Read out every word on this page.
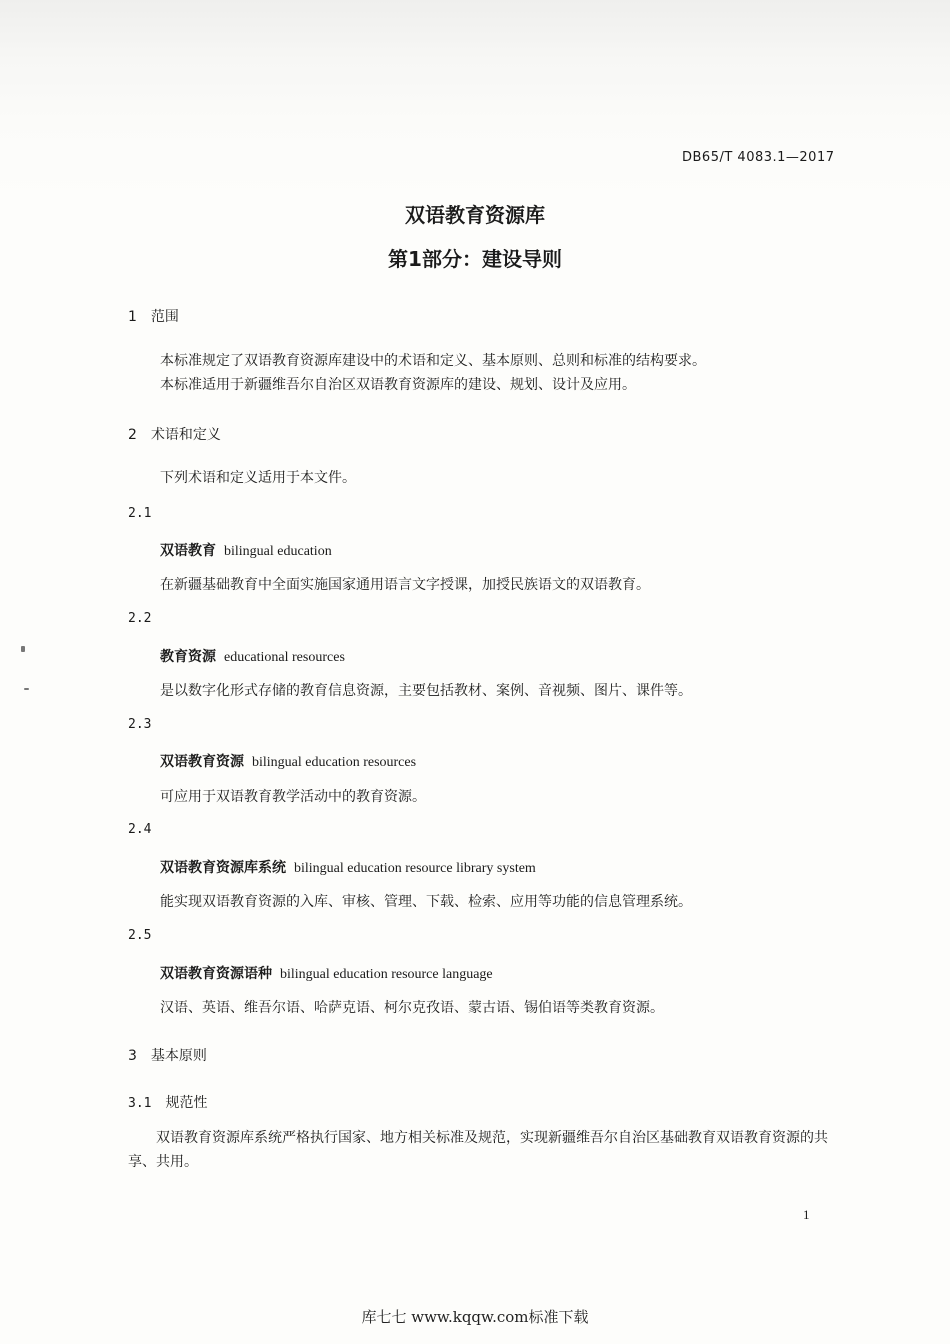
DB65/T 4083.1—2017
双语教育资源库
第1部分：建设导则
1 范围
本标准规定了双语教育资源库建设中的术语和定义、基本原则、总则和标准的结构要求。
本标准适用于新疆维吾尔自治区双语教育资源库的建设、规划、设计及应用。
2 术语和定义
下列术语和定义适用于本文件。
2.1
双语教育 bilingual education
在新疆基础教育中全面实施国家通用语言文字授课，加授民族语文的双语教育。
2.2
教育资源 educational resources
是以数字化形式存储的教育信息资源，主要包括教材、案例、音视频、图片、课件等。
2.3
双语教育资源 bilingual education resources
可应用于双语教育教学活动中的教育资源。
2.4
双语教育资源库系统 bilingual education resource library system
能实现双语教育资源的入库、审核、管理、下载、检索、应用等功能的信息管理系统。
2.5
双语教育资源语种 bilingual education resource language
汉语、英语、维吾尔语、哈萨克语、柯尔克孜语、蒙古语、锡伯语等类教育资源。
3 基本原则
3.1 规范性
双语教育资源库系统严格执行国家、地方相关标准及规范，实现新疆维吾尔自治区基础教育双语教育资源的共享、共用。
1
库七七 www.kqqw.com标准下载
